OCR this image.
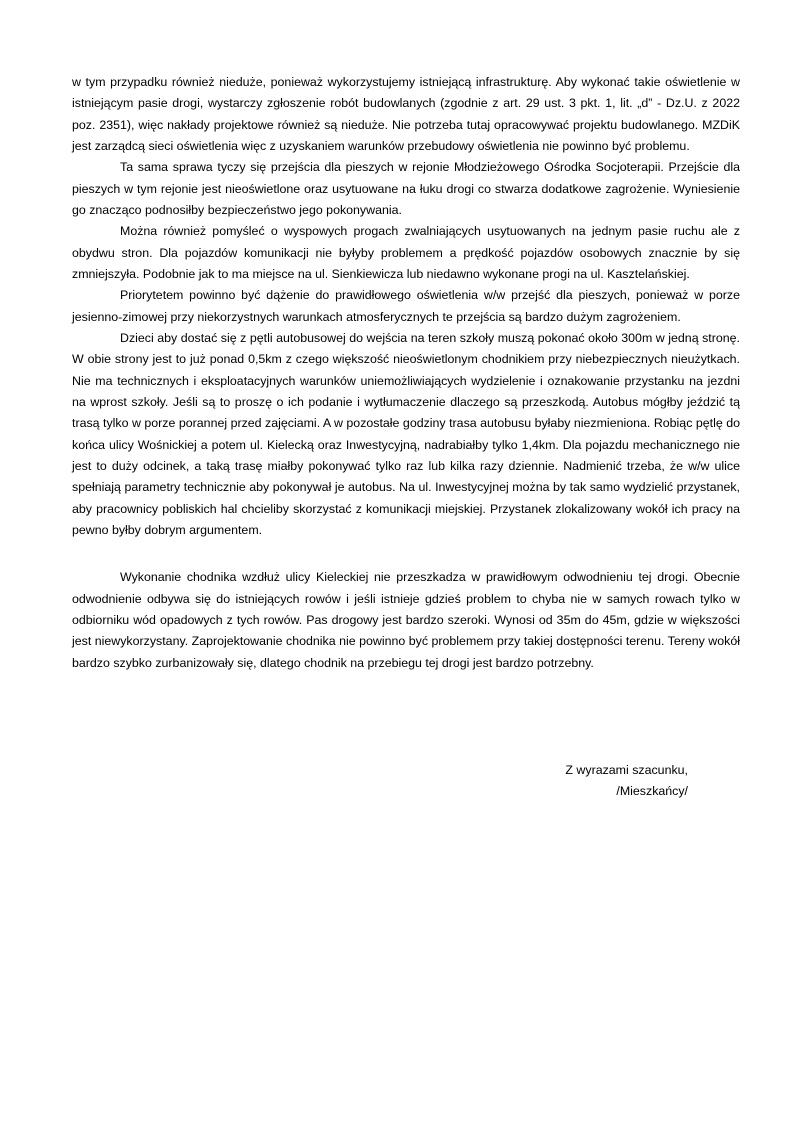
w tym przypadku również nieduże, ponieważ wykorzystujemy istniejącą infrastrukturę. Aby wykonać takie oświetlenie w istniejącym pasie drogi, wystarczy zgłoszenie robót budowlanych (zgodnie z art. 29 ust. 3 pkt. 1, lit. „d” - Dz.U. z 2022 poz. 2351), więc nakłady projektowe również są nieduże. Nie potrzeba tutaj opracowywać projektu budowlanego. MZDiK jest zarządcą sieci oświetlenia więc z uzyskaniem warunków przebudowy oświetlenia nie powinno być problemu.

Ta sama sprawa tyczy się przejścia dla pieszych w rejonie Młodzieżowego Ośrodka Socjoterapii. Przejście dla pieszych w tym rejonie jest nieoświetlone oraz usytuowane na łuku drogi co stwarza dodatkowe zagrożenie. Wyniesienie go znacząco podnosiłby bezpieczeństwo jego pokonywania.

Można również pomyśleć o wyspowych progach zwalniających usytuowanych na jednym pasie ruchu ale z obydwu stron. Dla pojazdów komunikacji nie byłyby problemem a prędkość pojazdów osobowych znacznie by się zmniejszyła. Podobnie jak to ma miejsce na ul. Sienkiewicza lub niedawno wykonane progi na ul. Kasztelańskiej.

Priorytetem powinno być dążenie do prawidłowego oświetlenia w/w przejść dla pieszych, ponieważ w porze jesienno-zimowej przy niekorzystnych warunkach atmosferycznych te przejścia są bardzo dużym zagrożeniem.

Dzieci aby dostać się z pętli autobusowej do wejścia na teren szkoły muszą pokonać około 300m w jedną stronę. W obie strony jest to już ponad 0,5km z czego większość nieoświetlonym chodnikiem przy niebezpiecznych nieużytkach. Nie ma technicznych i eksploatacyjnych warunków uniemożliwiających wydzielenie i oznakowanie przystanku na jezdni na wprost szkoły. Jeśli są to proszę o ich podanie i wytłumaczenie dlaczego są przeszkodą. Autobus mógłby jeździć tą trasą tylko w porze porannej przed zajęciami. A w pozostałe godziny trasa autobusu byłaby niezmieniona. Robiąc pętlę do końca ulicy Wośnickiej a potem ul. Kielecką oraz Inwestycyjną, nadrabiałby tylko 1,4km. Dla pojazdu mechanicznego nie jest to duży odcinek, a taką trasę miałby pokonywać tylko raz lub kilka razy dziennie. Nadmienić trzeba, że w/w ulice spełniają parametry technicznie aby pokonywał je autobus. Na ul. Inwestycyjnej można by tak samo wydzielić przystanek, aby pracownicy pobliskich hal chcieliby skorzystać z komunikacji miejskiej. Przystanek zlokalizowany wokół ich pracy na pewno byłby dobrym argumentem.

Wykonanie chodnika wzdłuż ulicy Kieleckiej nie przeszkadza w prawidłowym odwodnieniu tej drogi. Obecnie odwodnienie odbywa się do istniejących rowów i jeśli istnieje gdzieś problem to chyba nie w samych rowach tylko w odbiorniku wód opadowych z tych rowów. Pas drogowy jest bardzo szeroki. Wynosi od 35m do 45m, gdzie w większości jest niewykorzystany. Zaprojektowanie chodnika nie powinno być problemem przy takiej dostępności terenu. Tereny wokół bardzo szybko zurbanizowały się, dlatego chodnik na przebiegu tej drogi jest bardzo potrzebny.

Z wyrazami szacunku,
/Mieszkańcy/
